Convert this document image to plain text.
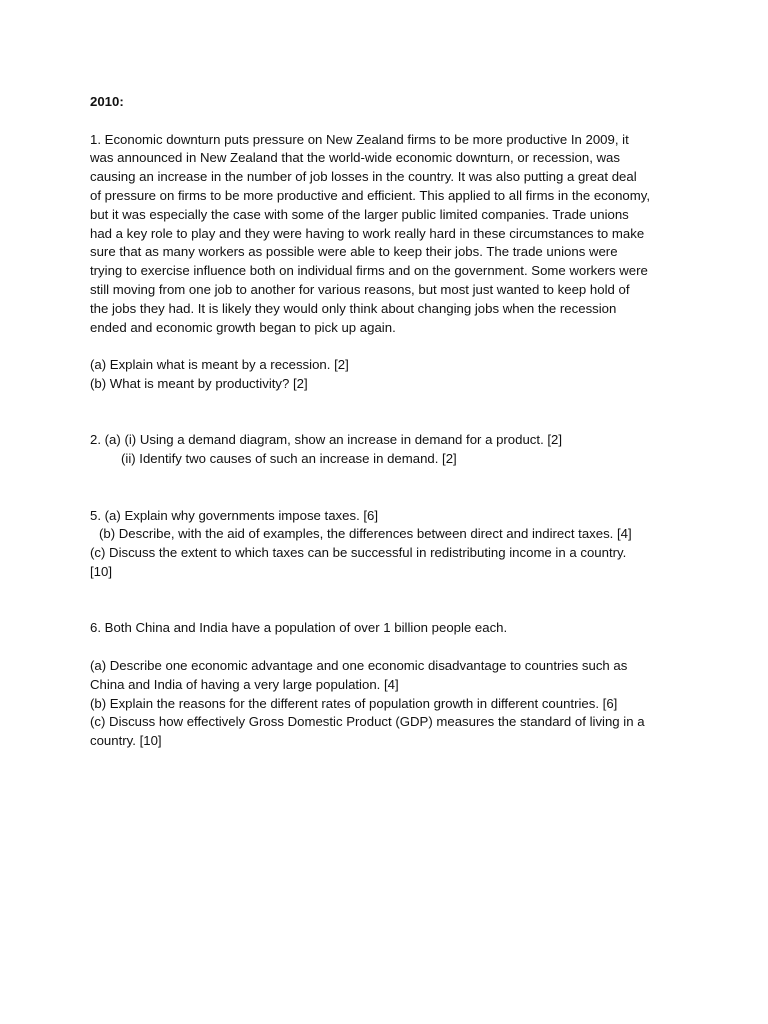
2010:

1. Economic downturn puts pressure on New Zealand firms to be more productive In 2009, it
was announced in New Zealand that the world-wide economic downturn, or recession, was
causing an increase in the number of job losses in the country. It was also putting a great deal
of pressure on firms to be more productive and efficient. This applied to all firms in the economy,
but it was especially the case with some of the larger public limited companies. Trade unions
had a key role to play and they were having to work really hard in these circumstances to make
sure that as many workers as possible were able to keep their jobs. The trade unions were
trying to exercise influence both on individual firms and on the government. Some workers were
still moving from one job to another for various reasons, but most just wanted to keep hold of
the jobs they had. It is likely they would only think about changing jobs when the recession
ended and economic growth began to pick up again.

(a) Explain what is meant by a recession. [2]

(b) What is meant by productivity? [2]

2. (a) (i) Using a demand diagram, show an increase in demand for a product. [2]

(ii) Identify two causes of such an increase in demand. [2]

5. (a) Explain why governments impose taxes. [6]

(b) Describe, with the aid of examples, the differences between direct and indirect taxes. [4]

(c) Discuss the extent to which taxes can be successful in redistributing income in a country.
[10]

6. Both China and India have a population of over 1 billion people each.

(a) Describe one economic advantage and one economic disadvantage to countries such as
China and India of having a very large population. [4]

(b) Explain the reasons for the different rates of population growth in different countries. [6]

(c) Discuss how effectively Gross Domestic Product (GDP) measures the standard of living in a
country. [10]
